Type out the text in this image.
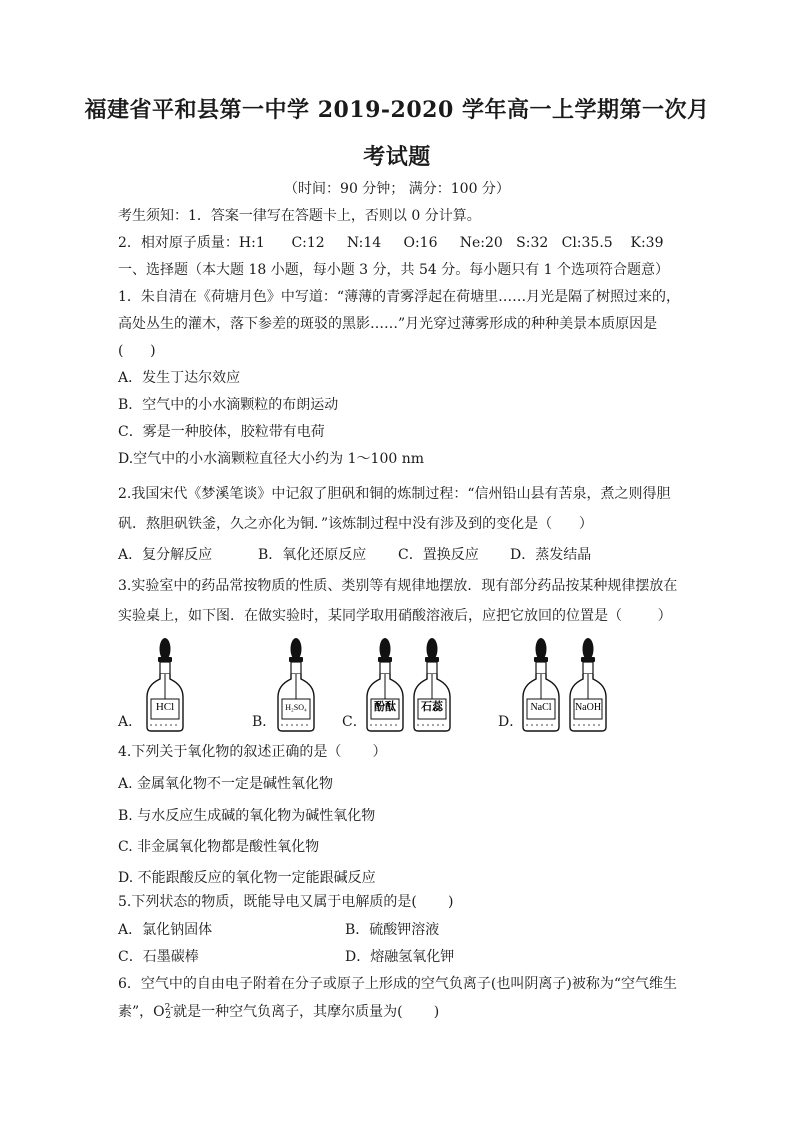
福建省平和县第一中学 2019-2020 学年高一上学期第一次月
考试题
（时间：90 分钟； 满分：100 分）
考生须知：1．答案一律写在答题卡上，否则以 0 分计算。
2．相对原子质量：H:1      C:12     N:14     O:16     Ne:20   S:32   Cl:35.5    K:39
一、选择题（本大题 18 小题，每小题 3 分，共 54 分。每小题只有 1 个选项符合题意）
1．朱自清在《荷塘月色》中写道：“薄薄的青雾浮起在荷塘里……月光是隔了树照过来的，
高处丛生的灌木，落下参差的斑驳的黑影……”月光穿过薄雾形成的种种美景本质原因是
(      )
A．发生丁达尔效应
B．空气中的小水滴颗粒的布朗运动
C．雾是一种胶体，胶粒带有电荷
D.空气中的小水滴颗粒直径大小约为 1～100 nm
2.我国宋代《梦溪笔谈》中记叙了胆矾和铜的炼制过程：“信州铅山县有苦泉，煮之则得胆
矾．熬胆矾铁釜，久之亦化为铜．”该炼制过程中没有涉及到的变化是（      ）
A．复分解反应	B．氧化还原反应 C．置换反应 D．蒸发结晶
3.实验室中的药品常按物质的性质、类别等有规律地摆放．现有部分药品按某种规律摆放在
实验桌上，如下图．在做实验时，某同学取用硝酸溶液后，应把它放回的位置是（        ）
HCl	H₂SO₄	酚酞 石蕊	NaCl NaOH
A．	B．	C．	D．
4.下列关于氧化物的叙述正确的是（       ）
A. 金属氧化物不一定是碱性氧化物
B. 与水反应生成碱的氧化物为碱性氧化物
C. 非金属氧化物都是酸性氧化物
D. 不能跟酸反应的氧化物一定能跟碱反应
5.下列状态的物质，既能导电又属于电解质的是(       )
A．氯化钠固体	B．硫酸钾溶液
C．石墨碳棒	D．熔融氢氧化钾
6．空气中的自由电子附着在分子或原子上形成的空气负离子(也叫阴离子)被称为“空气维生
素”，$O^{2-}_2$ 就是一种空气负离子，其摩尔质量为(       )
